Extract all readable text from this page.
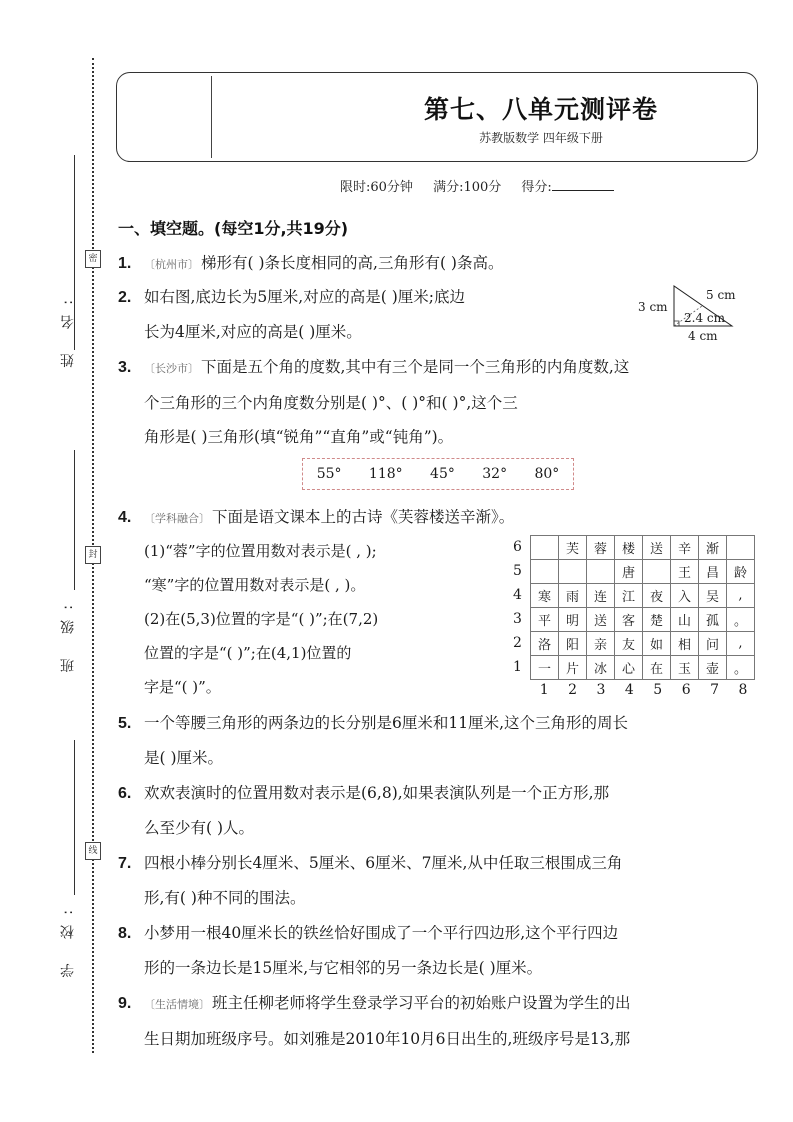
密
封
线
姓 名:
班 级:
学 校:
第七、八单元测评卷
苏教版数学 四年级下册
限时:60分钟 满分:100分 得分:
一、填空题。(每空1分,共19分)
1. 〔杭州市〕 梯形有( )条长度相同的高,三角形有( )条高。
2. 如右图,底边长为5厘米,对应的高是( )厘米;底边
长为4厘米,对应的高是( )厘米。
3 cm
5 cm
2.4 cm
4 cm
3. 〔长沙市〕 下面是五个角的度数,其中有三个是同一个三角形的内角度数,这
个三角形的三个内角度数分别是( )°、( )°和( )°,这个三
角形是( )三角形(填“锐角”“直角”或“钝角”)。
55° 118° 45° 32° 80°
4. 〔学科融合〕 下面是语文课本上的古诗《芙蓉楼送辛渐》。
(1)“蓉”字的位置用数对表示是( , );
“寒”字的位置用数对表示是( , )。
(2)在(5,3)位置的字是“( )”;在(7,2)
位置的字是“( )”;在(4,1)位置的
字是“( )”。
6
5
4
3
2
1
	芙	蓉	楼	送	辛	渐	
			唐		王	昌	龄
寒	雨	连	江	夜	入	吴	,
平	明	送	客	楚	山	孤	。
洛	阳	亲	友	如	相	问	,
一	片	冰	心	在	玉	壶	。
1	2	3	4	5	6	7	8
5. 一个等腰三角形的两条边的长分别是6厘米和11厘米,这个三角形的周长
是( )厘米。
6. 欢欢表演时的位置用数对表示是(6,8),如果表演队列是一个正方形,那
么至少有( )人。
7. 四根小棒分别长4厘米、5厘米、6厘米、7厘米,从中任取三根围成三角
形,有( )种不同的围法。
8. 小梦用一根40厘米长的铁丝恰好围成了一个平行四边形,这个平行四边
形的一条边长是15厘米,与它相邻的另一条边长是( )厘米。
9. 〔生活情境〕 班主任柳老师将学生登录学习平台的初始账户设置为学生的出
生日期加班级序号。如刘雅是2010年10月6日出生的,班级序号是13,那
